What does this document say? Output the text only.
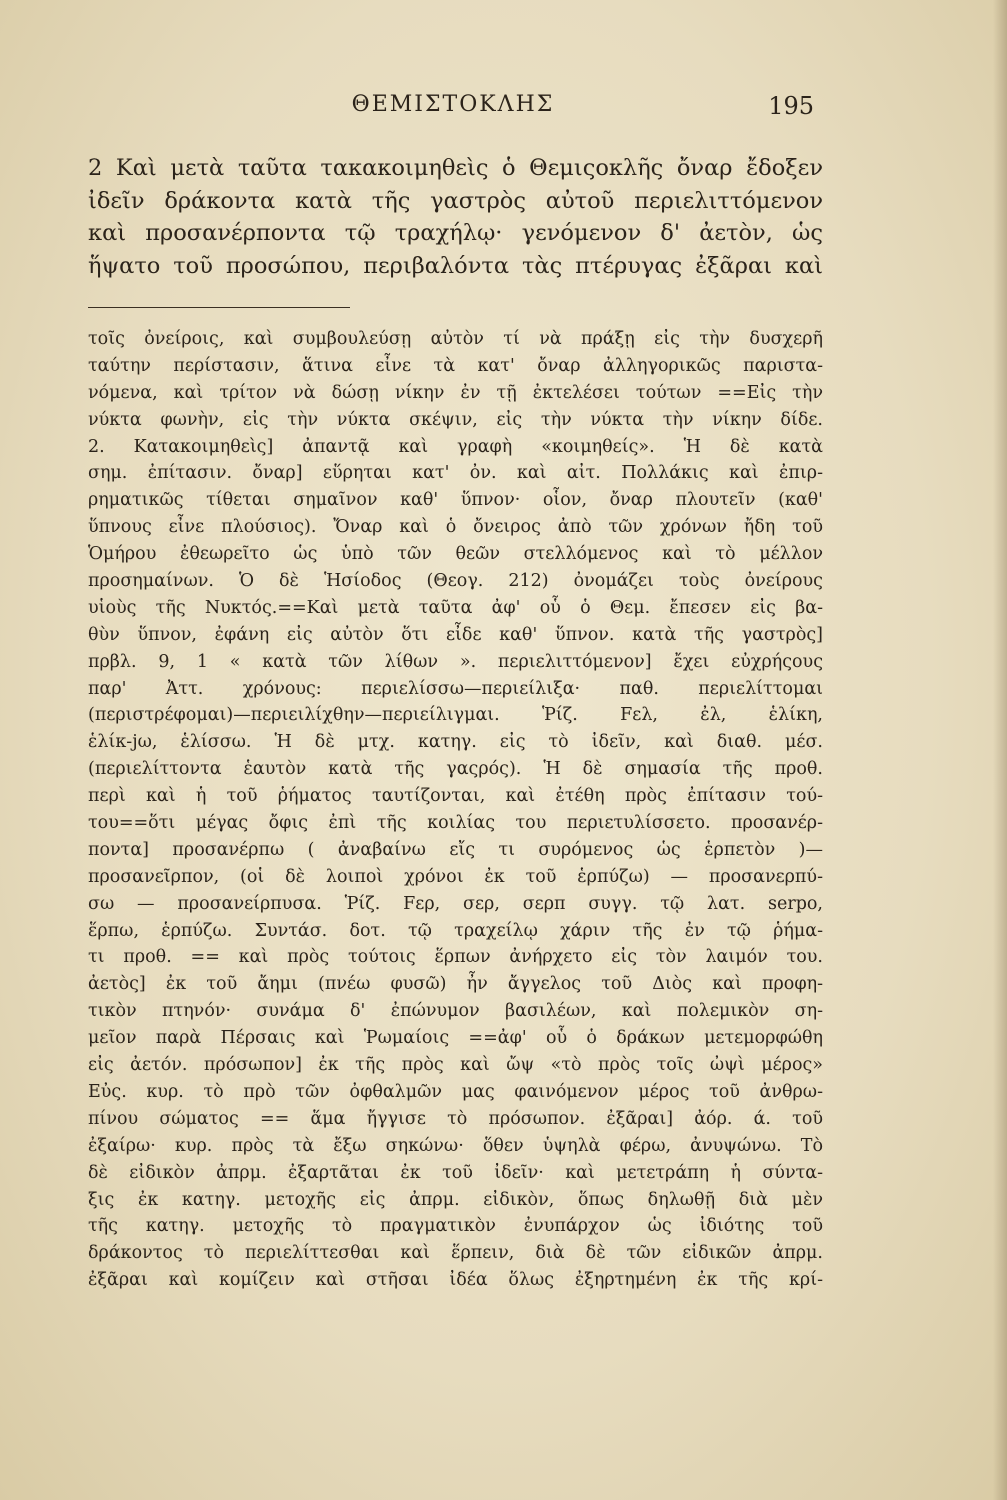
ΘΕΜΙΣΤΟΚΛΗΣ	195
2 Καὶ μετὰ ταῦτα τακακοιμηθεὶς ὁ Θεμιςοκλῆς ὄναρ ἔδοξεν
ἰδεῖν δράκοντα κατὰ τῆς γαστρὸς αὐτοῦ περιελιττόμενον
καὶ προσανέρποντα τῷ τραχήλῳ· γενόμενον δ' ἀετὸν, ὡς
ἥψατο τοῦ προσώπου, περιβαλόντα τὰς πτέρυγας ἐξᾶραι καὶ
τοῖς ὀνείροις, καὶ συμβουλεύσῃ αὐτὸν τί νὰ πράξῃ εἰς τὴν δυσχερῆ
ταύτην περίστασιν, ἅτινα εἶνε τὰ κατ' ὄναρ ἀλληγορικῶς παριστα-
νόμενα, καὶ τρίτον νὰ δώσῃ νίκην ἐν τῇ ἐκτελέσει τούτων ==Εἰς τὴν
νύκτα φωνὴν, εἰς τὴν νύκτα σκέψιν, εἰς τὴν νύκτα τὴν νίκην δίδε.
2. Κατακοιμηθεὶς] ἀπαντᾷ καὶ γραφὴ «κοιμηθείς». Ἡ δὲ κατὰ
σημ. ἐπίτασιν. ὄναρ] εὕρηται κατ' ὀν. καὶ αἰτ. Πολλάκις καὶ ἐπιρ-
ρηματικῶς τίθεται σημαῖνον καθ' ὕπνον· οἷον, ὄναρ πλουτεῖν (καθ'
ὕπνους εἶνε πλούσιος). Ὄναρ καὶ ὁ ὄνειρος ἀπὸ τῶν χρόνων ἤδη τοῦ
Ὁμήρου ἐθεωρεῖτο ὡς ὑπὸ τῶν θεῶν στελλόμενος καὶ τὸ μέλλον
προσημαίνων. Ὁ δὲ Ἡσίοδος (Θεογ. 212) ὀνομάζει τοὺς ὀνείρους
υἱοὺς τῆς Νυκτός.==Καὶ μετὰ ταῦτα ἀφ' οὗ ὁ Θεμ. ἔπεσεν εἰς βα-
θὺν ὕπνον, ἐφάνη εἰς αὐτὸν ὅτι εἶδε καθ' ὕπνον. κατὰ τῆς γαστρὸς]
πρβλ. 9, 1 « κατὰ τῶν λίθων ». περιελιττόμενον] ἔχει εὐχρήςους
παρ' Ἀττ. χρόνους: περιελίσσω—περιείλιξα· παθ. περιελίττομαι
(περιστρέφομαι)—περιειλίχθην—περιείλιγμαι. Ῥίζ. Fελ, ἐλ, ἑλίκη,
ἑλίκ-jω, ἑλίσσω. Ἡ δὲ μτχ. κατηγ. εἰς τὸ ἰδεῖν, καὶ διαθ. μέσ.
(περιελίττοντα ἑαυτὸν κατὰ τῆς γαςρός). Ἡ δὲ σημασία τῆς προθ.
περὶ καὶ ἡ τοῦ ῥήματος ταυτίζονται, καὶ ἐτέθη πρὸς ἐπίτασιν τού-
του==ὅτι μέγας ὄφις ἐπὶ τῆς κοιλίας του περιετυλίσσετο. προσανέρ-
ποντα] προσανέρπω ( ἀναβαίνω εἴς τι συρόμενος ὡς ἑρπετὸν )—
προσανεῖρπον, (οἱ δὲ λοιποὶ χρόνοι ἐκ τοῦ ἑρπύζω) — προσανερπύ-
σω — προσανείρπυσα. Ῥίζ. Fερ, σερ, σερπ συγγ. τῷ λατ. serpo,
ἕρπω, ἑρπύζω. Συντάσ. δοτ. τῷ τραχείλῳ χάριν τῆς ἐν τῷ ῥήμα-
τι προθ. == καὶ πρὸς τούτοις ἕρπων ἀνήρχετο εἰς τὸν λαιμόν του.
ἀετὸς] ἐκ τοῦ ἄημι (πνέω φυσῶ) ἦν ἄγγελος τοῦ Διὸς καὶ προφη-
τικὸν πτηνόν· συνάμα δ' ἐπώνυμον βασιλέων, καὶ πολεμικὸν ση-
μεῖον παρὰ Πέρσαις καὶ Ῥωμαίοις ==ἀφ' οὗ ὁ δράκων μετεμορφώθη
εἰς ἀετόν. πρόσωπον] ἐκ τῆς πρὸς καὶ ὤψ «τὸ πρὸς τοῖς ὠψὶ μέρος»
Εὐς. κυρ. τὸ πρὸ τῶν ὀφθαλμῶν μας φαινόμενον μέρος τοῦ ἀνθρω-
πίνου σώματος == ἅμα ἤγγισε τὸ πρόσωπον. ἐξᾶραι] ἀόρ. ά. τοῦ
ἐξαίρω· κυρ. πρὸς τὰ ἔξω σηκώνω· ὅθεν ὑψηλὰ φέρω, ἀνυψώνω. Τὸ
δὲ εἰδικὸν ἀπρμ. ἐξαρτᾶται ἐκ τοῦ ἰδεῖν· καὶ μετετράπη ἡ σύντα-
ξις ἐκ κατηγ. μετοχῆς εἰς ἀπρμ. εἰδικὸν, ὅπως δηλωθῇ διὰ μὲν
τῆς κατηγ. μετοχῆς τὸ πραγματικὸν ἐνυπάρχον ὡς ἰδιότης τοῦ
δράκοντος τὸ περιελίττεσθαι καὶ ἕρπειν, διὰ δὲ τῶν εἰδικῶν ἀπρμ.
ἐξᾶραι καὶ κομίζειν καὶ στῆσαι ἰδέα ὅλως ἐξηρτημένη ἐκ τῆς κρί-
